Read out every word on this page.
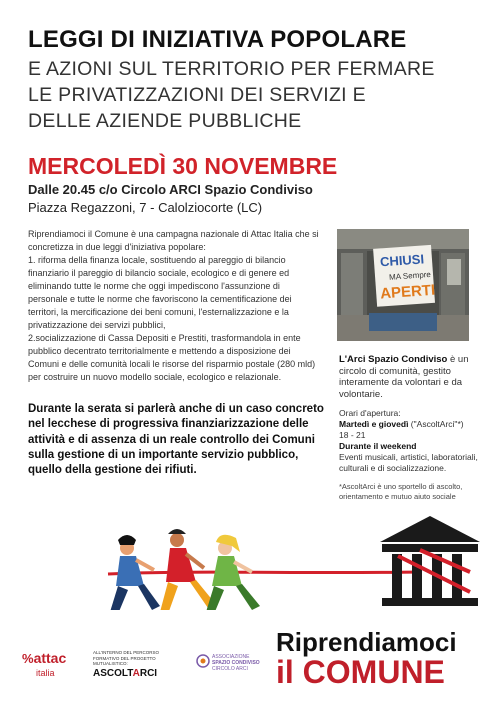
LEGGI DI INIZIATIVA POPOLARE
E AZIONI SUL TERRITORIO PER FERMARE
LE PRIVATIZZAZIONI DEI SERVIZI E
DELLE AZIENDE PUBBLICHE
MERCOLEDÌ 30 NOVEMBRE
Dalle 20.45 c/o Circolo ARCI Spazio Condiviso
Piazza Regazzoni, 7 - Calolziocorte (LC)

Riprendiamoci il Comune è una campagna nazionale di Attac Italia che si concretizza in due leggi d'iniziativa popolare:

1. riforma della finanza locale, sostituendo al pareggio di bilancio finanziario il pareggio di bilancio sociale, ecologico e di genere ed eliminando tutte le norme che oggi impediscono l'assunzione di personale e tutte le norme che favoriscono la cementificazione dei territori, la mercificazione dei beni comuni, l'esternalizzazione e la privatizzazione dei servizi pubblici,

2.socializzazione di Cassa Depositi e Prestiti, trasformandola in ente pubblico decentrato territorialmente e mettendo a disposizione dei Comuni e delle comunità locali le risorse del risparmio postale (280 mld) per costruire un nuovo modello sociale, ecologico e relazionale.

Durante la serata si parlerà anche di un caso concreto nel lecchese di progressiva finanziarizzazione delle attività e di assenza di un reale controllo dei Comuni sulla gestione di un importante servizio pubblico, quello della gestione dei rifiuti.
CHIUSI
MA Sempre
APERTI
L'Arci Spazio Condiviso è un circolo di comunità, gestito interamente da volontari e da volontarie.
Orari d'apertura:
Martedì e giovedì ("AscoltArci"*)
18 - 21
Durante il weekend
Eventi musicali, artistici, laboratoriali, culturali e di socializzazione.
*AscoltArci è uno sportello di ascolto, orientamento e mutuo aiuto sociale
%attac
italia
ALL'INTERNO DEL PERCORSO FORMATIVO DEL PROGETTO MUTUALISTICO:
ASCOLTARCI
ASSOCIAZIONE
SPAZIO CONDIVISO
CIRCOLO ARCI
Riprendiamoci
il COMUNE
